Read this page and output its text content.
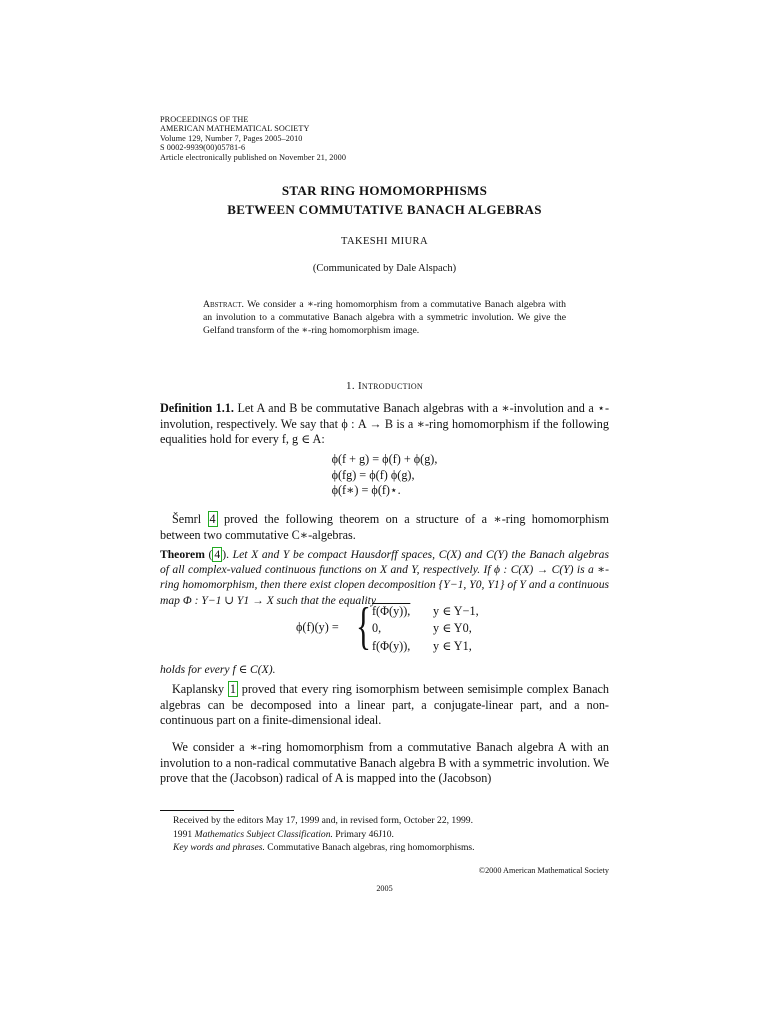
PROCEEDINGS OF THE
AMERICAN MATHEMATICAL SOCIETY
Volume 129, Number 7, Pages 2005–2010
S 0002-9939(00)05781-6
Article electronically published on November 21, 2000
STAR RING HOMOMORPHISMS
BETWEEN COMMUTATIVE BANACH ALGEBRAS
TAKESHI MIURA
(Communicated by Dale Alspach)
Abstract. We consider a ∗-ring homomorphism from a commutative Banach algebra with an involution to a commutative Banach algebra with a symmetric involution. We give the Gelfand transform of the ∗-ring homomorphism image.
1. Introduction
Definition 1.1. Let A and B be commutative Banach algebras with a ∗-involution and a ⋆-involution, respectively. We say that ϕ : A → B is a ∗-ring homomorphism if the following equalities hold for every f, g ∈ A:
ϕ(f + g) = ϕ(f) + ϕ(g),
ϕ(fg) = ϕ(f) ϕ(g),
ϕ(f∗) = ϕ(f)⋆.
Šemrl 4 proved the following theorem on a structure of a ∗-ring homomorphism between two commutative C∗-algebras.
Theorem ( 4 ). Let X and Y be compact Hausdorff spaces, C(X) and C(Y) the Banach algebras of all complex-valued continuous functions on X and Y, respectively. If ϕ : C(X) → C(Y) is a ∗-ring homomorphism, then there exist clopen decomposition {Y−1, Y0, Y1} of Y and a continuous map Φ : Y−1 ∪ Y1 → X such that the equality
ϕ(f)(y) = { f(Φ(y)), y ∈ Y−1,
0,	y ∈ Y0,
f(Φ(y)), y ∈ Y1,
holds for every f ∈ C(X).
Kaplansky 1 proved that every ring isomorphism between semisimple complex Banach algebras can be decomposed into a linear part, a conjugate-linear part, and a non-continuous part on a finite-dimensional ideal.
We consider a ∗-ring homomorphism from a commutative Banach algebra A with an involution to a non-radical commutative Banach algebra B with a symmetric involution. We prove that the (Jacobson) radical of A is mapped into the (Jacobson)
Received by the editors May 17, 1999 and, in revised form, October 22, 1999.
1991 Mathematics Subject Classification. Primary 46J10.
Key words and phrases. Commutative Banach algebras, ring homomorphisms.
©2000 American Mathematical Society
2005
